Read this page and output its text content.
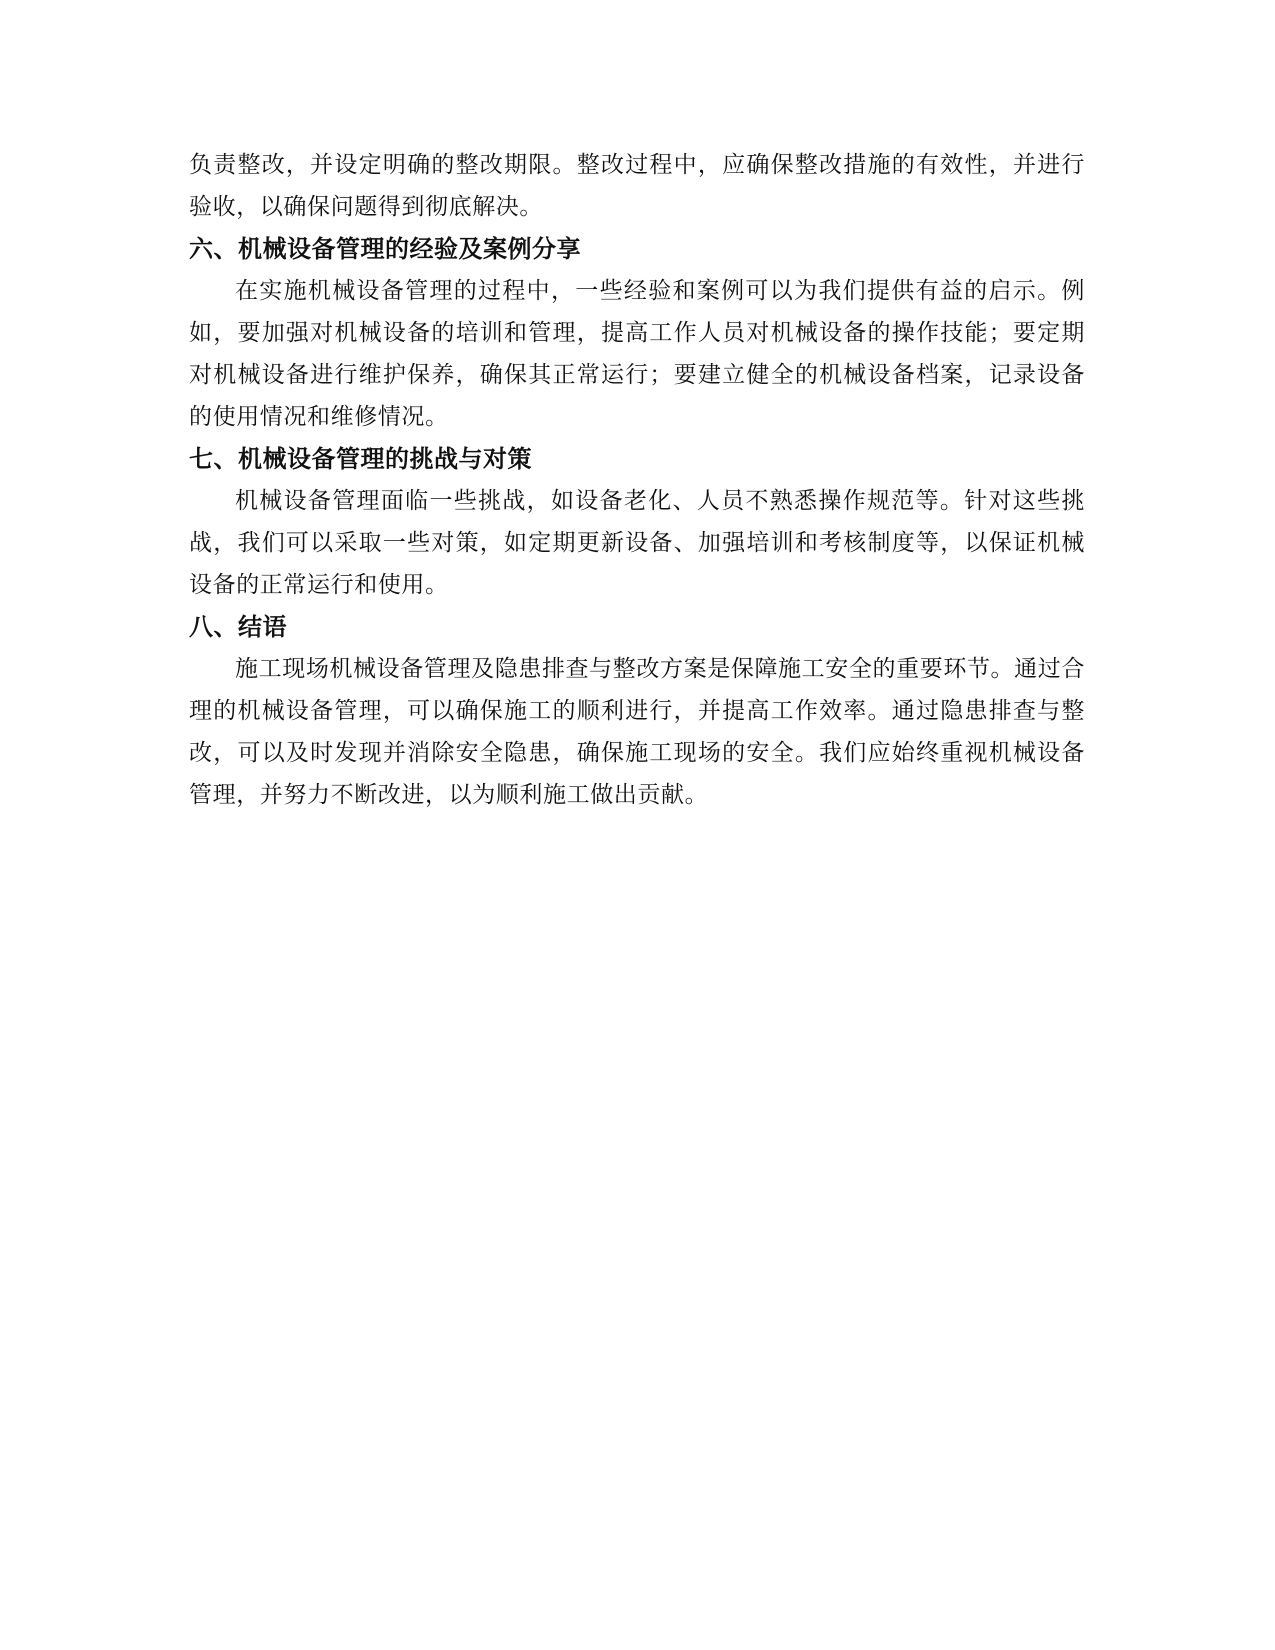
负责整改，并设定明确的整改期限。整改过程中，应确保整改措施的有效性，并进行验收，以确保问题得到彻底解决。

六、机械设备管理的经验及案例分享

在实施机械设备管理的过程中，一些经验和案例可以为我们提供有益的启示。例如，要加强对机械设备的培训和管理，提高工作人员对机械设备的操作技能；要定期对机械设备进行维护保养，确保其正常运行；要建立健全的机械设备档案，记录设备的使用情况和维修情况。

七、机械设备管理的挑战与对策

机械设备管理面临一些挑战，如设备老化、人员不熟悉操作规范等。针对这些挑战，我们可以采取一些对策，如定期更新设备、加强培训和考核制度等，以保证机械设备的正常运行和使用。

八、结语

施工现场机械设备管理及隐患排查与整改方案是保障施工安全的重要环节。通过合理的机械设备管理，可以确保施工的顺利进行，并提高工作效率。通过隐患排查与整改，可以及时发现并消除安全隐患，确保施工现场的安全。我们应始终重视机械设备管理，并努力不断改进，以为顺利施工做出贡献。
